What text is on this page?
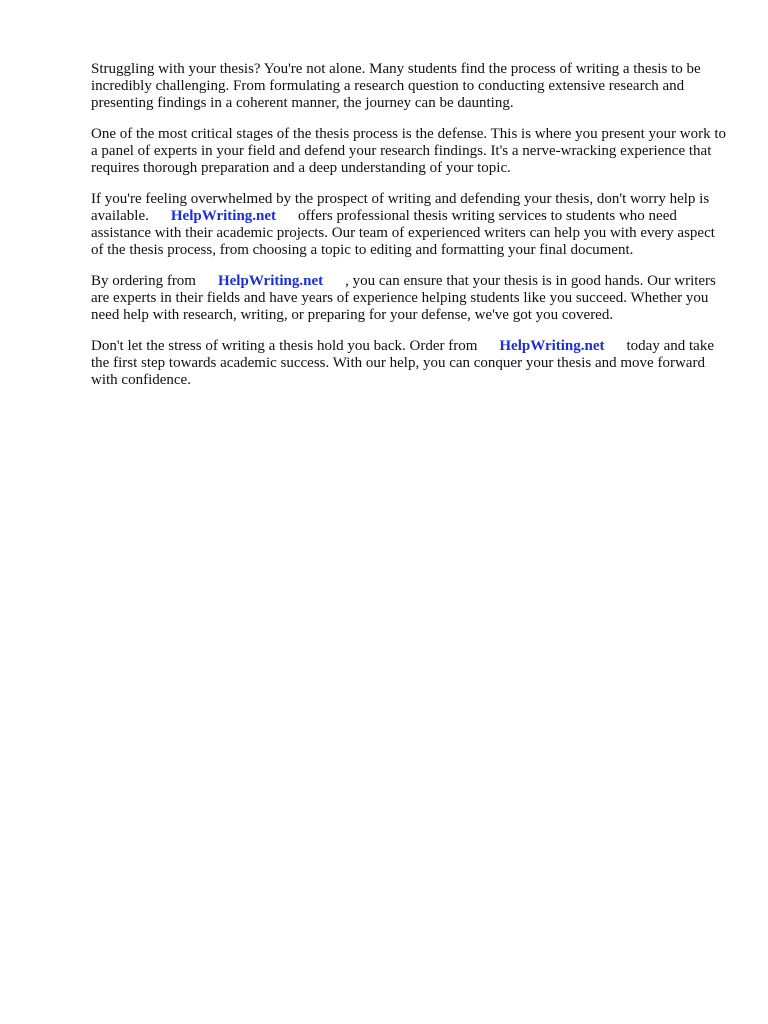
Struggling with your thesis? You're not alone. Many students find the process of writing a thesis to be incredibly challenging. From formulating a research question to conducting extensive research and presenting findings in a coherent manner, the journey can be daunting.

One of the most critical stages of the thesis process is the defense. This is where you present your work to a panel of experts in your field and defend your research findings. It's a nerve-wracking experience that requires thorough preparation and a deep understanding of your topic.

If you're feeling overwhelmed by the prospect of writing and defending your thesis, don't worry help is available. HelpWriting.net offers professional thesis writing services to students who need assistance with their academic projects. Our team of experienced writers can help you with every aspect of the thesis process, from choosing a topic to editing and formatting your final document.

By ordering from HelpWriting.net , you can ensure that your thesis is in good hands. Our writers are experts in their fields and have years of experience helping students like you succeed. Whether you need help with research, writing, or preparing for your defense, we've got you covered.

Don't let the stress of writing a thesis hold you back. Order from HelpWriting.net today and take the first step towards academic success. With our help, you can conquer your thesis and move forward with confidence.
